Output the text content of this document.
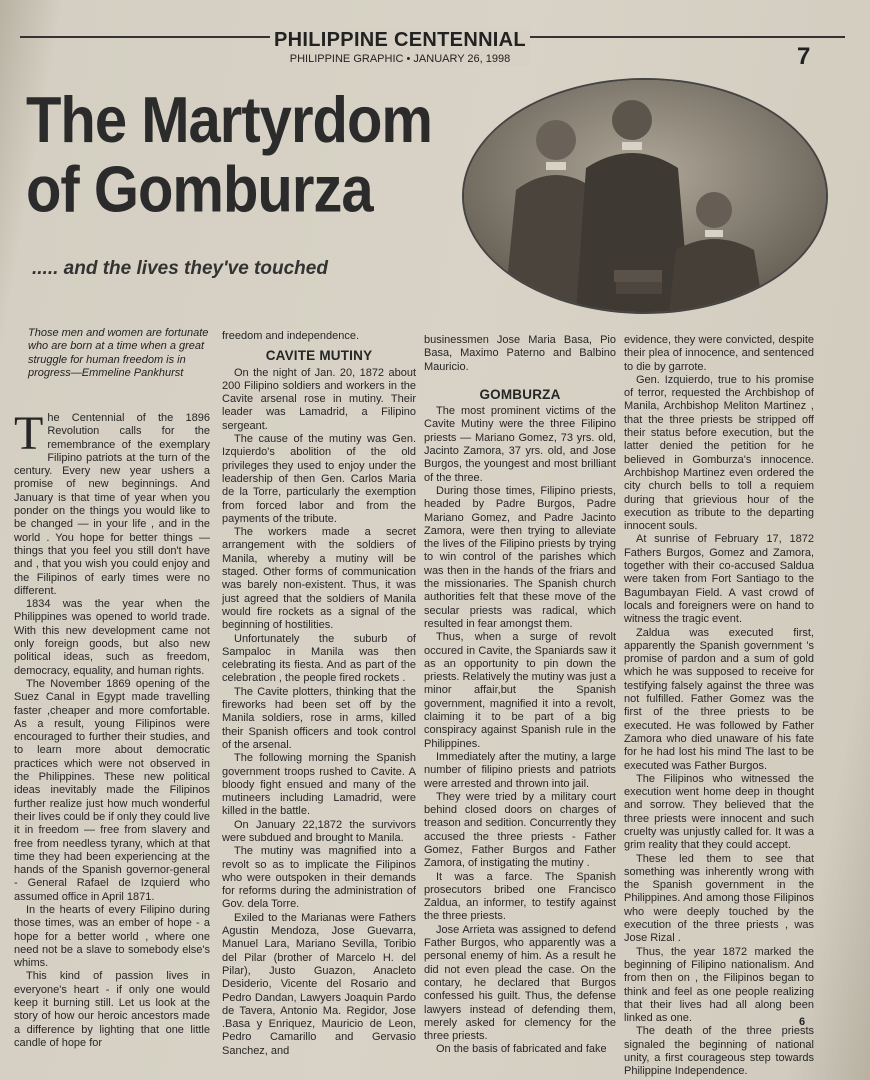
PHILIPPINE CENTENNIAL
PHILIPPINE GRAPHIC • JANUARY 26, 1998	7
The Martyrdom
of Gomburza
..... and the lives they've touched
Those men and women are fortunate who are born at a time when a great struggle for human freedom is in progress—Emmeline Pankhurst

The Centennial of the 1896 Revolution calls for the remembrance of the exemplary Filipino patriots at the turn of the century. Every new year ushers a promise of new beginnings. And January is that time of year when you ponder on the things you would like to be changed — in your life , and in the world . You hope for better things — things that you feel you still don't have and , that you wish you could enjoy and the Filipinos of early times were no different.

1834 was the year when the Philippines was opened to world trade. With this new development came not only foreign goods, but also new political ideas, such as freedom, democracy, equality, and human rights.

The November 1869 opening of the Suez Canal in Egypt made travelling faster ,cheaper and more comfortable. As a result, young Filipinos were encouraged to further their studies, and to learn more about democratic practices which were not observed in the Philippines. These new political ideas inevitably made the Filipinos further realize just how much wonderful their lives could be if only they could live it in freedom — free from slavery and free from needless tyrany, which at that time they had been experiencing at the hands of the Spanish governor-general - General Rafael de Izquierd who assumed office in April 1871.

In the hearts of every Filipino during those times, was an ember of hope - a hope for a better world , where one need not be a slave to somebody else's whims.

This kind of passion lives in everyone's heart - if only one would keep it burning still. Let us look at the story of how our heroic ancestors made a difference by lighting that one little candle of hope for

freedom and independence.

CAVITE MUTINY

On the night of Jan. 20, 1872 about 200 Filipino soldiers and workers in the Cavite arsenal rose in mutiny. Their leader was Lamadrid, a Filipino sergeant.

The cause of the mutiny was Gen. Izquierdo's abolition of the old privileges they used to enjoy under the leadership of then Gen. Carlos Maria de la Torre, particularly the exemption from forced labor and from the payments of the tribute.

The workers made a secret arrangement with the soldiers of Manila, whereby a mutiny will be staged. Other forms of communication was barely non-existent. Thus, it was just agreed that the soldiers of Manila would fire rockets as a signal of the beginning of hostilities.

Unfortunately the suburb of Sampaloc in Manila was then celebrating its fiesta. And as part of the celebration , the people fired rockets .

The Cavite plotters, thinking that the fireworks had been set off by the Manila soldiers, rose in arms, killed their Spanish officers and took control of the arsenal.

The following morning the Spanish government troops rushed to Cavite. A bloody fight ensued and many of the mutineers including Lamadrid, were killed in the battle.

On January 22,1872 the survivors were subdued and brought to Manila.

The mutiny was magnified into a revolt so as to implicate the Filipinos who were outspoken in their demands for reforms during the administration of Gov. dela Torre.

Exiled to the Marianas were Fathers Agustin Mendoza, Jose Guevarra, Manuel Lara, Mariano Sevilla, Toribio del Pilar (brother of Marcelo H. del Pilar), Justo Guazon, Anacleto Desiderio, Vicente del Rosario and Pedro Dandan, Lawyers Joaquin Pardo de Tavera, Antonio Ma. Regidor, Jose .Basa y Enriquez, Mauricio de Leon, Pedro Camarillo and Gervasio Sanchez, and

businessmen Jose Maria Basa, Pio Basa, Maximo Paterno and Balbino Mauricio.

GOMBURZA

The most prominent victims of the Cavite Mutiny were the three Filipino priests — Mariano Gomez, 73 yrs. old, Jacinto Zamora, 37 yrs. old, and Jose Burgos, the youngest and most brilliant of the three.

During those times, Filipino priests, headed by Padre Burgos, Padre Mariano Gomez, and Padre Jacinto Zamora, were then trying to alleviate the lives of the Filipino priests by trying to win control of the parishes which was then in the hands of the friars and the missionaries. The Spanish church authorities felt that these move of the secular priests was radical, which resulted in fear amongst them.

Thus, when a surge of revolt occured in Cavite, the Spaniards saw it as an opportunity to pin down the priests. Relatively the mutiny was just a minor affair,but the Spanish government, magnified it into a revolt, claiming it to be part of a big conspiracy against Spanish rule in the Philippines.

Immediately after the mutiny, a large number of filipino priests and patriots were arrested and thrown into jail.

They were tried by a military court behind closed doors on charges of treason and sedition. Concurrently they accused the three priests - Father Gomez, Father Burgos and Father Zamora, of instigating the mutiny .

It was a farce. The Spanish prosecutors bribed one Francisco Zaldua, an informer, to testify against the three priests.

Jose Arrieta was assigned to defend Father Burgos, who apparently was a personal enemy of him. As a result he did not even plead the case. On the contary, he declared that Burgos confessed his guilt. Thus, the defense lawyers instead of defending them, merely asked for clemency for the three priests.

On the basis of fabricated and fake

evidence, they were convicted, despite their plea of innocence, and sentenced to die by garrote.

Gen. Izquierdo, true to his promise of terror, requested the Archbishop of Manila, Archbishop Meliton Martinez , that the three priests be stripped off their status before execution, but the latter denied the petition for he believed in Gomburza's innocence. Archbishop Martinez even ordered the city church bells to toll a requiem during that grievious hour of the execution as tribute to the departing innocent souls.

At sunrise of February 17, 1872 Fathers Burgos, Gomez and Zamora, together with their co-accused Saldua were taken from Fort Santiago to the Bagumbayan Field. A vast crowd of locals and foreigners were on hand to witness the tragic event.

Zaldua was executed first, apparently the Spanish government 's promise of pardon and a sum of gold which he was supposed to receive for testifying falsely against the three was not fulfilled. Father Gomez was the first of the three priests to be executed. He was followed by Father Zamora who died unaware of his fate for he had lost his mind The last to be executed was Father Burgos.

The Filipinos who witnessed the execution went home deep in thought and sorrow. They believed that the three priests were innocent and such cruelty was unjustly called for. It was a grim reality that they could accept.

These led them to see that something was inherently wrong with the Spanish government in the Philippines. And among those Filipinos who were deeply touched by the execution of the three priests , was Jose Rizal .

Thus, the year 1872 marked the beginning of Filipino nationalism. And from then on , the Filipinos began to think and feel as one people realizing that their lives had all along been linked as one.

The death of the three priests signaled the beginning of national unity, a first courageous step towards Philippine Independence.

6
